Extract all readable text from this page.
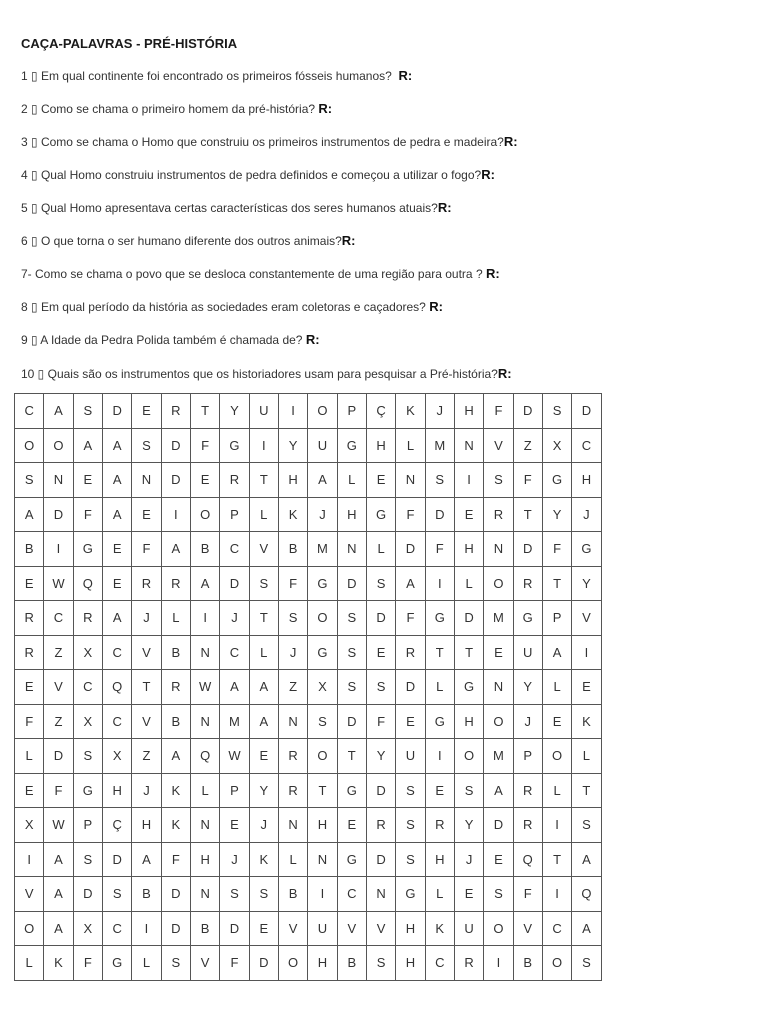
CAÇA-PALAVRAS - PRÉ-HISTÓRIA
1 ▯ Em qual continente foi encontrado os primeiros fósseis humanos? R:
2 ▯ Como se chama o primeiro homem da pré-história? R:
3 ▯ Como se chama o Homo que construiu os primeiros instrumentos de pedra e madeira?R:
4 ▯ Qual Homo construiu instrumentos de pedra definidos e começou a utilizar o fogo?R:
5 ▯ Qual Homo apresentava certas características dos seres humanos atuais?R:
6 ▯ O que torna o ser humano diferente dos outros animais?R:
7- Como se chama o povo que se desloca constantemente de uma região para outra ? R:
8 ▯ Em qual período da história as sociedades eram coletoras e caçadores? R:
9 ▯ A Idade da Pedra Polida também é chamada de? R:
10 ▯ Quais são os instrumentos que os historiadores usam para pesquisar a Pré-história?R:
C	A	S	D	E	R	T	Y	U	I	O	P	Ç	K	J	H	F	D	S	D
O	O	A	A	S	D	F	G	I	Y	U	G	H	L	M	N	V	Z	X	C
S	N	E	A	N	D	E	R	T	H	A	L	E	N	S	I	S	F	G	H
A	D	F	A	E	I	O	P	L	K	J	H	G	F	D	E	R	T	Y	J
B	I	G	E	F	A	B	C	V	B	M	N	L	D	F	H	N	D	F	G
E	W	Q	E	R	R	A	D	S	F	G	D	S	A	I	L	O	R	T	Y
R	C	R	A	J	L	I	J	T	S	O	S	D	F	G	D	M	G	P	V
R	Z	X	C	V	B	N	C	L	J	G	S	E	R	T	T	E	U	A	I
E	V	C	Q	T	R	W	A	A	Z	X	S	S	D	L	G	N	Y	L	E
F	Z	X	C	V	B	N	M	A	N	S	D	F	E	G	H	O	J	E	K
L	D	S	X	Z	A	Q	W	E	R	O	T	Y	U	I	O	M	P	O	L
E	F	G	H	J	K	L	P	Y	R	T	G	D	S	E	S	A	R	L	T
X	W	P	Ç	H	K	N	E	J	N	H	E	R	S	R	Y	D	R	I	S
I	A	S	D	A	F	H	J	K	L	N	G	D	S	H	J	E	Q	T	A
V	A	D	S	B	D	N	S	S	B	I	C	N	G	L	E	S	F	I	Q
O	A	X	C	I	D	B	D	E	V	U	V	V	H	K	U	O	V	C	A
L	K	F	G	L	S	V	F	D	O	H	B	S	H	C	R	I	B	O	S
